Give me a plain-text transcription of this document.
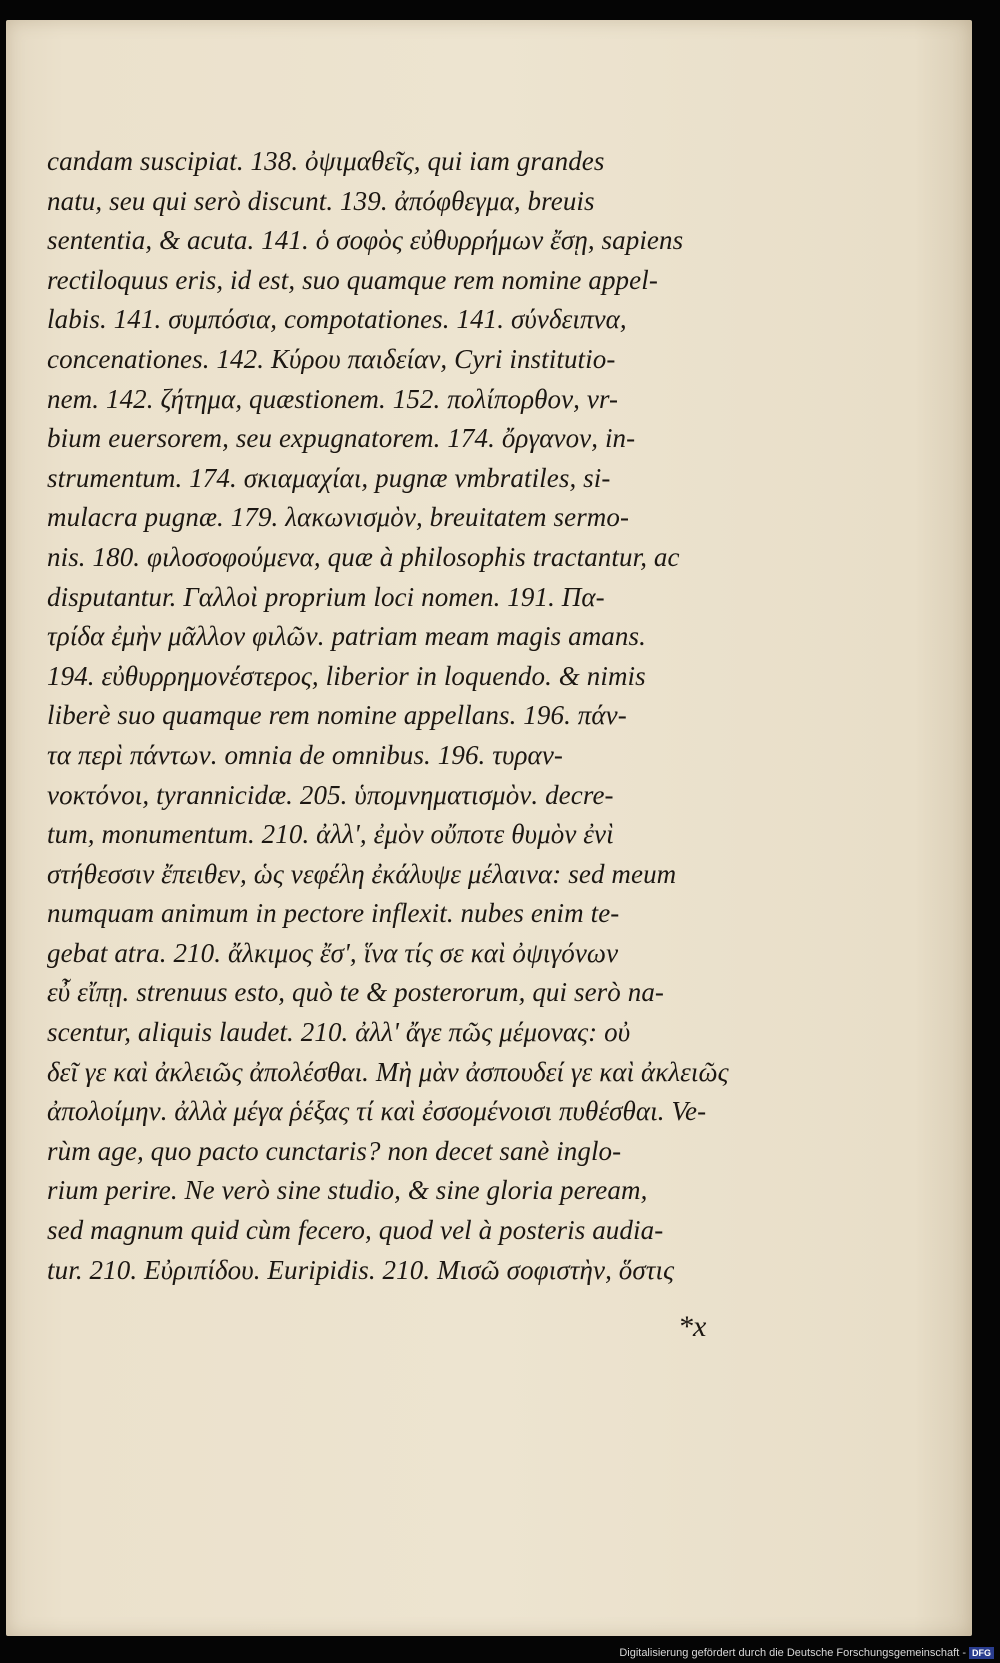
candam suscipiat. 138. ὀψιμαθεῖς, qui iam grandes
natu, seu qui serò discunt. 139. ἀπόφθεγμα, breuis
sententia, & acuta. 141. ὁ σοφὸς εὐθυρρήμων ἔσῃ, sapiens
rectiloquus eris, id est, suo quamque rem nomine appel-
labis. 141. συμπόσια, compotationes. 141. σύνδειπνα,
concenationes. 142. Κύρου παιδείαν, Cyri institutio-
nem. 142. ζήτημα, quæstionem. 152. πολίπορθον, vr-
bium euersorem, seu expugnatorem. 174. ὄργανον, in-
strumentum. 174. σκιαμαχίαι, pugnæ vmbratiles, si-
mulacra pugnæ. 179. λακωνισμὸν, breuitatem sermo-
nis. 180. φιλοσοφούμενα, quæ à philosophis tractantur, ac
disputantur. Γαλλοὶ proprium loci nomen. 191. Πα-
τρίδα ἐμὴν μᾶλλον φιλῶν. patriam meam magis amans.
194. εὐθυρρημονέστερος, liberior in loquendo. & nimis
liberè suo quamque rem nomine appellans. 196. πάν-
τα περὶ πάντων. omnia de omnibus. 196. τυραν-
νοκτόνοι, tyrannicidæ. 205. ὑπομνηματισμὸν. decre-
tum, monumentum. 210. ἀλλ', ἐμὸν οὔποτε θυμὸν ἐνὶ
στήθεσσιν ἔπειθεν, ὡς νεφέλη ἐκάλυψε μέλαινα: sed meum
numquam animum in pectore inflexit. nubes enim te-
gebat atra. 210. ἄλκιμος ἔσ', ἵνα τίς σε καὶ ὀψιγόνων
εὖ εἴπῃ. strenuus esto, quò te & posterorum, qui serò na-
scentur, aliquis laudet. 210. ἀλλ' ἄγε πῶς μέμονας: οὐ
δεῖ γε καὶ ἀκλειῶς ἀπολέσθαι. Μὴ μὰν ἀσπουδεί γε καὶ ἀκλειῶς
ἀπολοίμην. ἀλλὰ μέγα ῥέξας τί καὶ ἐσσομένοισι πυθέσθαι. Ve-
rùm age, quo pacto cunctaris? non decet sanè inglo-
rium perire. Ne verò sine studio, & sine gloria peream,
sed magnum quid cùm fecero, quod vel à posteris audia-
tur. 210. Εὐριπίδου. Euripidis. 210. Μισῶ σοφιστὴν, ὅστις
*x
Digitalisierung gefördert durch die Deutsche Forschungsgemeinschaft - DFG
